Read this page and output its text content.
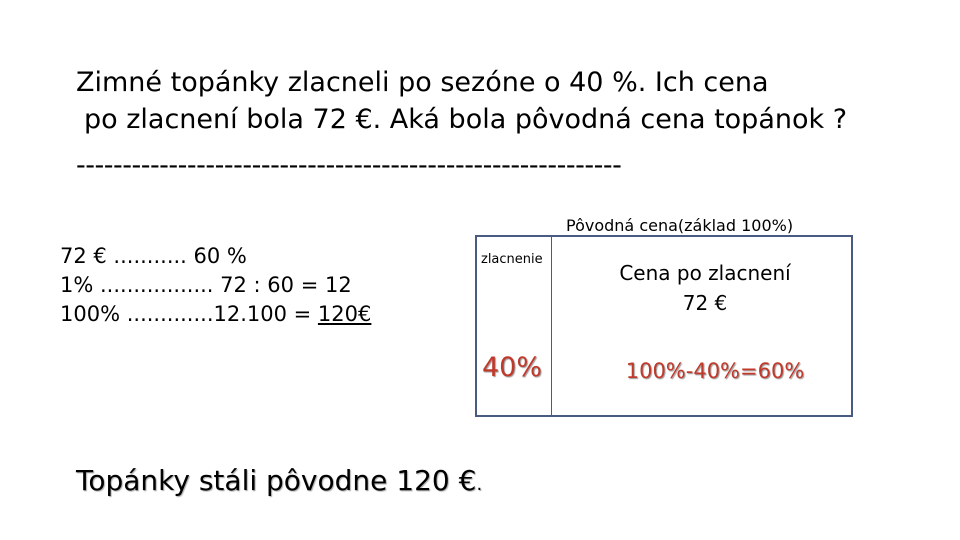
Zimné topánky zlacneli po sezóne o 40 %. Ich cena
po zlacnení bola 72 €. Aká bola pôvodná cena topánok ?
-----------------------------------------------------------
72 € ........... 60 %
1% ................. 72 : 60 = 12
100% .............12.100 = 120€
Pôvodná cena(základ 100%)
zlacnenie
Cena po zlacnení
72 €
40%	100%-40%=60%
Topánky stáli pôvodne 120 €.
